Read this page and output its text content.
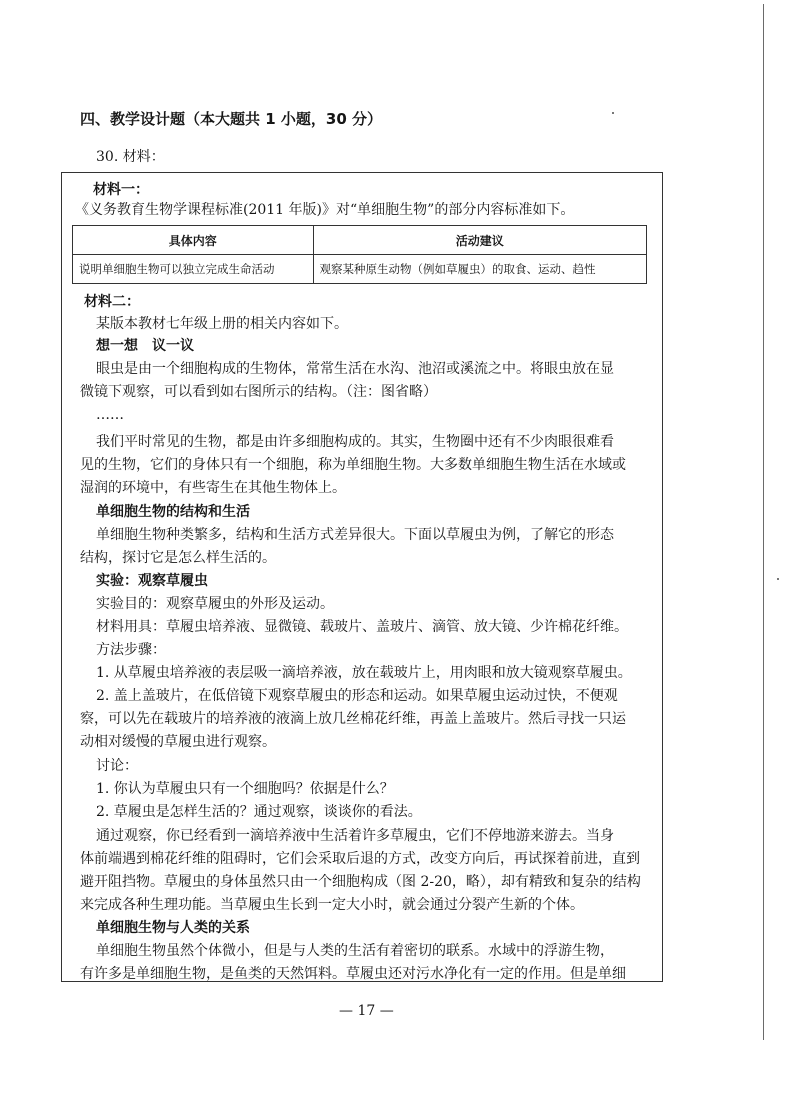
四、教学设计题（本大题共 1 小题，30 分）
30. 材料：
材料一：
《义务教育生物学课程标准(2011 年版)》对“单细胞生物”的部分内容标准如下。
具体内容	活动建议
说明单细胞生物可以独立完成生命活动	观察某种原生动物（例如草履虫）的取食、运动、趋性
材料二：
某版本教材七年级上册的相关内容如下。
想一想　议一议
眼虫是由一个细胞构成的生物体，常常生活在水沟、池沼或溪流之中。将眼虫放在显
微镜下观察，可以看到如右图所示的结构。（注：图省略）
……
我们平时常见的生物，都是由许多细胞构成的。其实，生物圈中还有不少肉眼很难看
见的生物，它们的身体只有一个细胞，称为单细胞生物。大多数单细胞生物生活在水域或
湿润的环境中，有些寄生在其他生物体上。
单细胞生物的结构和生活
单细胞生物种类繁多，结构和生活方式差异很大。下面以草履虫为例，了解它的形态
结构，探讨它是怎么样生活的。
实验：观察草履虫
实验目的：观察草履虫的外形及运动。
材料用具：草履虫培养液、显微镜、载玻片、盖玻片、滴管、放大镜、少许棉花纤维。
方法步骤：
1. 从草履虫培养液的表层吸一滴培养液，放在载玻片上，用肉眼和放大镜观察草履虫。
2. 盖上盖玻片，在低倍镜下观察草履虫的形态和运动。如果草履虫运动过快，不便观
察，可以先在载玻片的培养液的液滴上放几丝棉花纤维，再盖上盖玻片。然后寻找一只运
动相对缓慢的草履虫进行观察。
讨论：
1. 你认为草履虫只有一个细胞吗？依据是什么？
2. 草履虫是怎样生活的？通过观察，谈谈你的看法。
通过观察，你已经看到一滴培养液中生活着许多草履虫，它们不停地游来游去。当身
体前端遇到棉花纤维的阻碍时，它们会采取后退的方式，改变方向后，再试探着前进，直到
避开阻挡物。草履虫的身体虽然只由一个细胞构成（图 2-20，略），却有精致和复杂的结构
来完成各种生理功能。当草履虫生长到一定大小时，就会通过分裂产生新的个体。
单细胞生物与人类的关系
单细胞生物虽然个体微小，但是与人类的生活有着密切的联系。水域中的浮游生物，
有许多是单细胞生物，是鱼类的天然饵料。草履虫还对污水净化有一定的作用。但是单细
— 17 —
